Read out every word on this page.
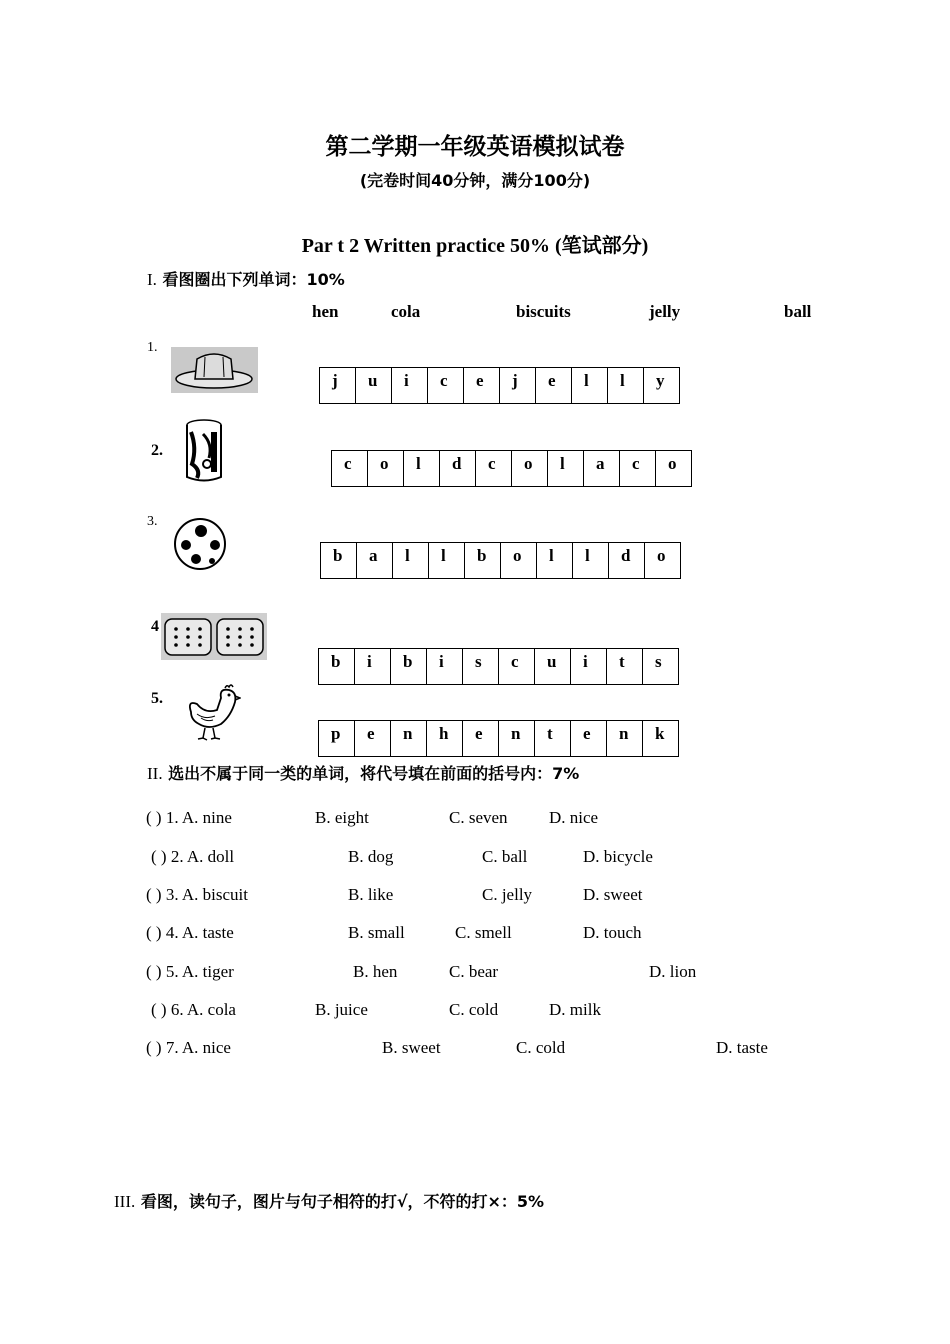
第二学期一年级英语模拟试卷
(完卷时间40分钟，满分100分)
Par t 2 Written practice 50% (笔试部分)
I. 看图圈出下列单词：10%
hen	cola	biscuits	jelly	ball
1.
j	u	i	c	e	j	e	l	l	y
2.
c	o	l	d	c	o	l	a	c	o
3.
b	a	l	l	b	o	l	l	d	o
4
b	i	b	i	s	c	u	i	t	s
5.
p	e	n	h	e	n	t	e	n	k
II. 选出不属于同一类的单词，将代号填在前面的括号内：7%
( ) 1. A. nine	B. eight	C. seven D. nice
( ) 2. A. doll	B. dog	C. ball	D. bicycle
( ) 3. A. biscuit	B. like	C. jelly	D. sweet
( ) 4. A. taste	B. small	C. smell	D. touch
( ) 5. A. tiger	B. hen	C. bear	D. lion
( ) 6. A. cola	B. juice	C. cold	D. milk
( ) 7. A. nice	B. sweet	C. cold	D. taste
III. 看图，读句子，图片与句子相符的打√，不符的打×：5%
